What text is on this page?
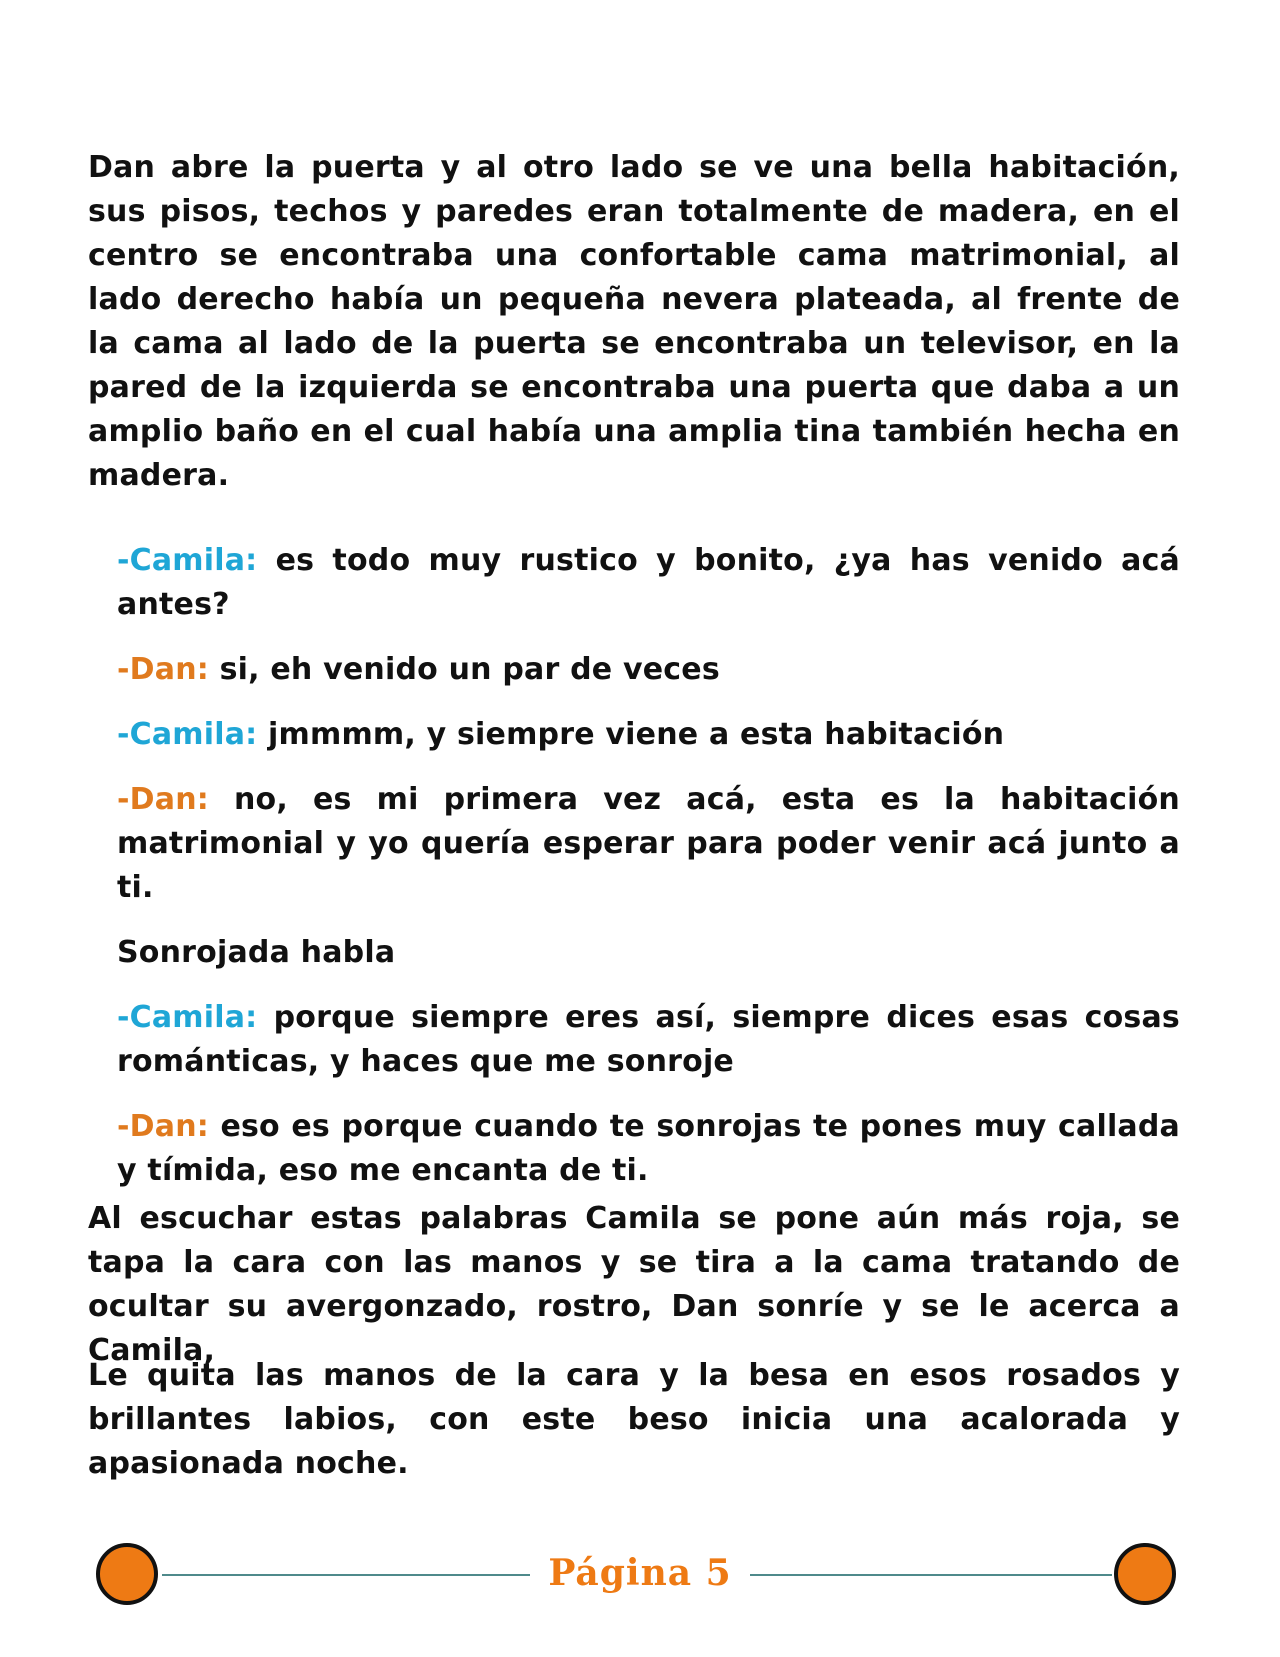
Dan abre la puerta y al otro lado se ve una bella habitación, sus pisos, techos y paredes eran totalmente de madera, en el centro se encontraba una confortable cama matrimonial, al lado derecho había un pequeña nevera plateada, al frente de la cama al lado de la puerta se encontraba un televisor, en la pared de la izquierda se encontraba una puerta que daba a un amplio baño en el cual había una amplia tina también hecha en madera.

-Camila: es todo muy rustico y bonito, ¿ya has venido acá antes?

-Dan: si, eh venido un par de veces

-Camila: jmmmm, y siempre viene a esta habitación

-Dan: no, es mi primera vez acá, esta es la habitación matrimonial y yo quería esperar para poder venir acá junto a ti.

Sonrojada habla

-Camila: porque siempre eres así, siempre dices esas cosas románticas, y haces que me sonroje

-Dan: eso es porque cuando te sonrojas te pones muy callada y tímida, eso me encanta de ti.

Al escuchar estas palabras Camila se pone aún más roja, se tapa la cara con las manos y se tira a la cama tratando de ocultar su avergonzado, rostro, Dan sonríe y se le acerca a Camila,

Le quita las manos de la cara y la besa en esos rosados y brillantes labios, con este beso inicia una acalorada y apasionada noche.

Página 5
